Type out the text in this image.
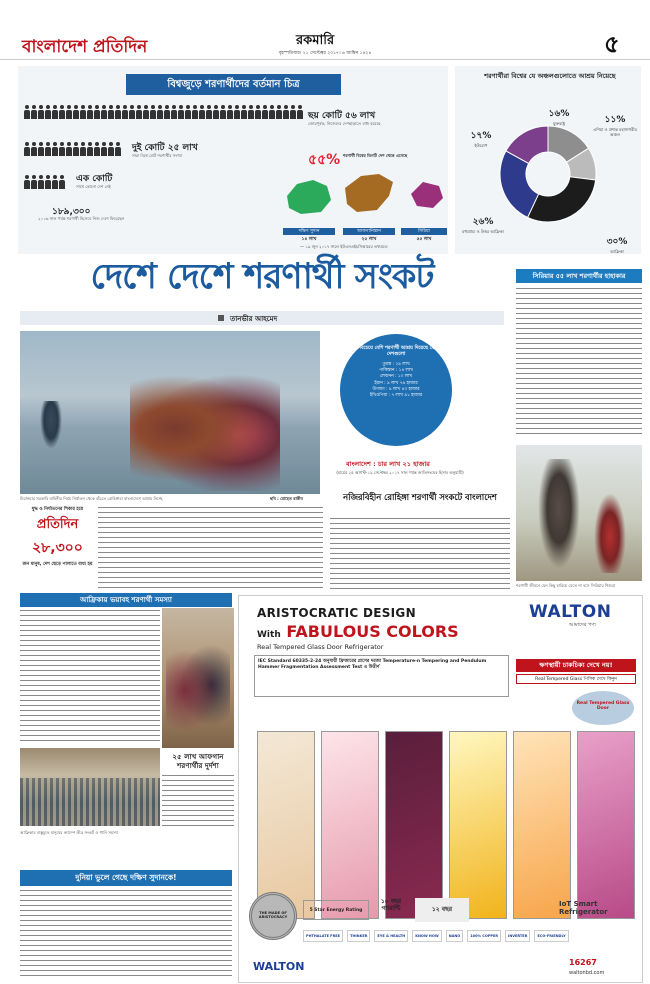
বাংলাদেশ প্রতিদিন	রকমারি
বৃহস্পতিবার। ২১ সেপ্টেম্বর ২০১৭। ৬ আশ্বিন ১৪২৪	৫
বিশ্বজুড়ে শরণার্থীদের বর্তমান চিত্র
ছয় কোটি ৫৬ লাখ
জোরপূর্বক, নিজেদের দেশছাড়াতে বাধ্য হয়েছে
দুই কোটি ২৫ লাখ
সারা বিশ্বে মোট শরণার্থীর সংখ্যা
এক কোটি
সাথে কোনো দেশ নেই
১৮৯,৩০০
২০১৬ সাল পর্যন্ত শরণার্থী হিসেবে নিজ দেশে ফিরেছেন
৫৫% শরণার্থী বিশ্বের তিনটি দেশ থেকে এসেছে
দক্ষিণ সুদান
১৪ লাখ
আফগানিস্তান
২৫ লাখ
সিরিয়া
৫৫ লাখ
— ১৯ জুন ২০১৭ সালে ইউএনএইচসিআরের তথ্যমতে
শরণার্থীরা বিশ্বের যে অঞ্চলগুলোতে আশ্রয় নিয়েছে
৩০%
আফ্রিকা
২৬%
মধ্যপ্রাচ্য ও উত্তর আফ্রিকা
১৭%
ইউরোপ
১৬%
যুক্তরাষ্ট্র	১১%
এশিয়া ও প্রশান্ত মহাসাগরীয় অঞ্চল
দেশে দেশে শরণার্থী সংকট
তানভীর আহমেদ
সিরিয়ার ৫৫ লাখ শরণার্থীর হাহাকার
মিয়ানমার সরকারি বাহিনীর নির্মম নির্যাতন থেকে বাঁচতে রোহিঙ্গারা বাংলাদেশে আশ্রয় নিচ্ছে	ছবি : রোহেত রাকীব
সবচেয়ে বেশি শরণার্থী আশ্রয় দিয়েছে যে দেশগুলো
তুরস্ক : ২৯ লাখ
পাকিস্তান : ১৪ লাখ
লেবানন : ১০ লাখ
ইরান : ৯ লাখ ৭৯ হাজার
উগান্ডা : ৯ লাখ ৪০ হাজার
ইথিওপিয়া : ৭ লাখ ৯১ হাজার
বাংলাদেশ : চার লাখ ২১ হাজার
(মার্চের ২৫ আগস্ট-১৯ সেপ্টেম্বর ২০১৭ সাল পর্যন্ত জাতিসংঘের হিসাব অনুযায়ী)
নজিরবিহীন রোহিঙ্গা শরণার্থী সংকটে বাংলাদেশ
শরণার্থী জীবনে যেন কিছু হারিয়ে যেতে না বসে সিরিয়ার শিশুরা
যুদ্ধ ও নির্যাতনের শিকার হয়ে
প্রতিদিন
২৮,৩০০
জন মানুষ, দেশ ছেড়ে পালাতে বাধ্য হয়
আফ্রিকায় ভয়াবহ শরণার্থী সমস্যা
আফ্রিকার বাস্তুচ্যুত মানুষের ক্যাম্পে তীব্র সংকট ও পানি সমস্যা
২৫ লাখ আফগান শরণার্থীর দুর্দশা
দুনিয়া ভুলে গেছে দক্ষিণ সুদানকে!
ARISTOCRATIC DESIGN
With FABULOUS COLORS
Real Tempered Glass Door Refrigerator
WALTON
আমাদের পণ্য
IEC Standard 60335-2-24 অনুযায়ী ফ্রিজারের গ্লাসের দরজা Temperature-n Tempering and Pendulum Hammer Fragmentation Assessment Test এ উত্তীর্ণ	ক্ষণস্থায়ী চাকচিক্য দেখে নয়!
Real Tempered Glass পিসিক দেখে কিনুন
Real Tempered Glass Door
THE MADE OF ARISTOCRACY
5 Star Energy Rating
১০ বছর গ্যারান্টি	১২ বছর
IoT Smart Refrigerator
PHTHALATE FREE	THINKER	EYE & HEALTH	KNOW HOW	NANO	100% COPPER	INVERTER	ECO-FRIENDLY
WALTON	16267
waltonbd.com
